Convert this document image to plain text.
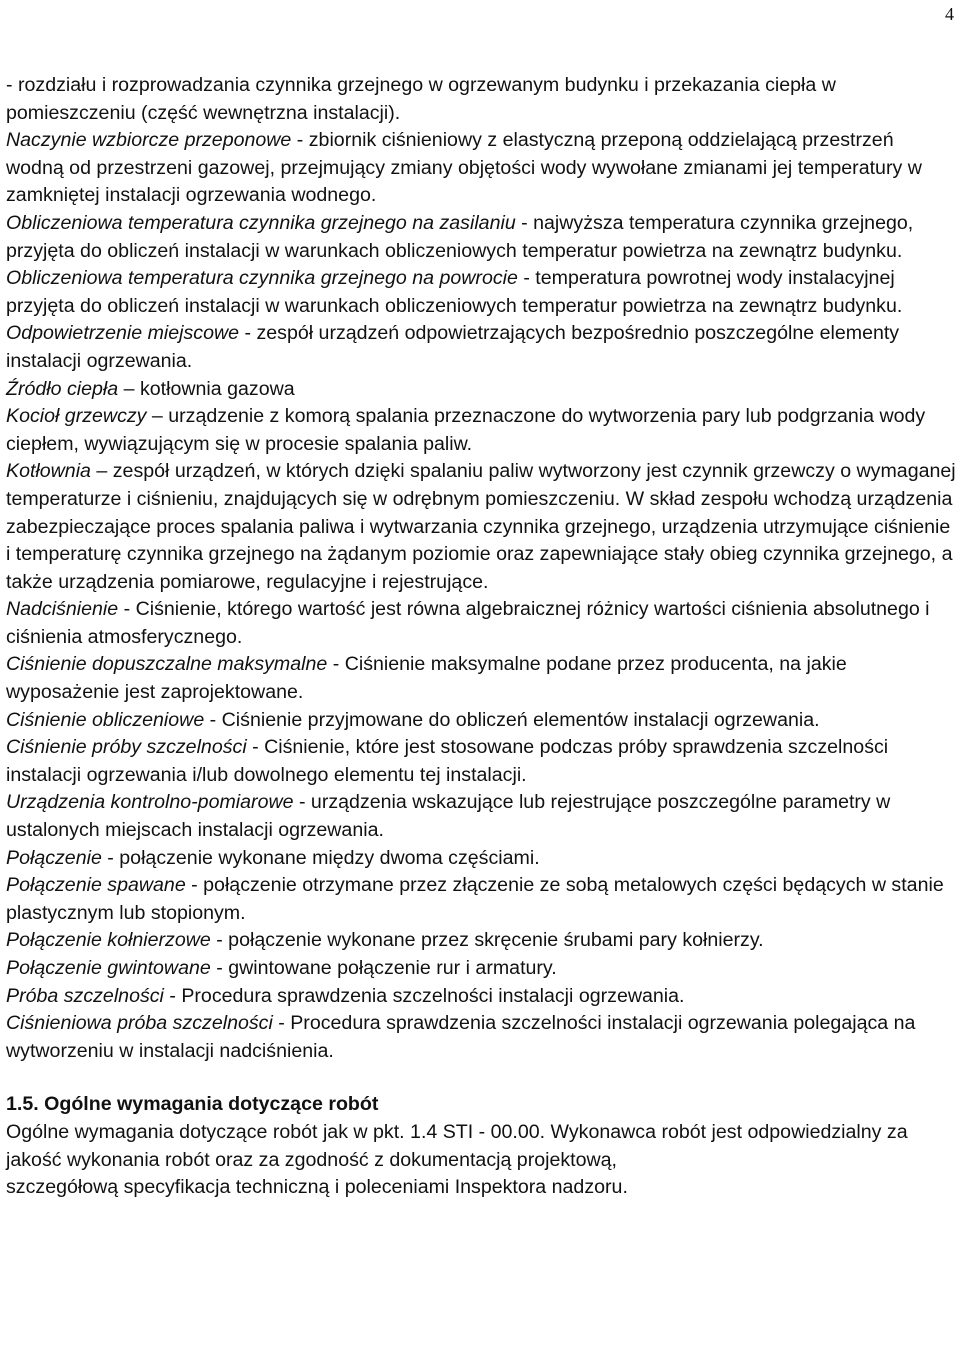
4

- rozdziału i rozprowadzania czynnika grzejnego w ogrzewanym budynku i przekazania ciepła w pomieszczeniu (część wewnętrzna instalacji).

Naczynie wzbiorcze przeponowe - zbiornik ciśnieniowy z elastyczną przeponą oddzielającą przestrzeń wodną od przestrzeni gazowej, przejmujący zmiany objętości wody wywołane zmianami jej temperatury w zamkniętej instalacji ogrzewania wodnego.

Obliczeniowa temperatura czynnika grzejnego na zasilaniu - najwyższa temperatura czynnika grzejnego, przyjęta do obliczeń instalacji w warunkach obliczeniowych temperatur powietrza na zewnątrz budynku.

Obliczeniowa temperatura czynnika grzejnego na powrocie - temperatura powrotnej wody instalacyjnej przyjęta do obliczeń instalacji w warunkach obliczeniowych temperatur powietrza na zewnątrz budynku.

Odpowietrzenie miejscowe - zespół urządzeń odpowietrzających bezpośrednio poszczególne elementy instalacji ogrzewania.

Źródło ciepła – kotłownia gazowa

Kocioł grzewczy – urządzenie z komorą spalania przeznaczone do wytworzenia pary lub podgrzania wody ciepłem, wywiązującym się w procesie spalania paliw.

Kotłownia – zespół urządzeń, w których dzięki spalaniu paliw wytworzony jest czynnik grzewczy o wymaganej temperaturze i ciśnieniu, znajdujących się w odrębnym pomieszczeniu. W skład zespołu wchodzą urządzenia zabezpieczające proces spalania paliwa i wytwarzania czynnika grzejnego, urządzenia utrzymujące ciśnienie i temperaturę czynnika grzejnego na żądanym poziomie oraz zapewniające stały obieg czynnika grzejnego, a także urządzenia pomiarowe, regulacyjne i rejestrujące.

Nadciśnienie - Ciśnienie, którego wartość jest równa algebraicznej różnicy wartości ciśnienia absolutnego i ciśnienia atmosferycznego.

Ciśnienie dopuszczalne maksymalne - Ciśnienie maksymalne podane przez producenta, na jakie wyposażenie jest zaprojektowane.

Ciśnienie obliczeniowe - Ciśnienie przyjmowane do obliczeń elementów instalacji ogrzewania.

Ciśnienie próby szczelności - Ciśnienie, które jest stosowane podczas próby sprawdzenia szczelności instalacji ogrzewania i/lub dowolnego elementu tej instalacji.

Urządzenia kontrolno-pomiarowe - urządzenia wskazujące lub rejestrujące poszczególne parametry w ustalonych miejscach instalacji ogrzewania.

Połączenie - połączenie wykonane między dwoma częściami.

Połączenie spawane - połączenie otrzymane przez złączenie ze sobą metalowych części będących w stanie plastycznym lub stopionym.

Połączenie kołnierzowe - połączenie wykonane przez skręcenie śrubami pary kołnierzy.

Połączenie gwintowane - gwintowane połączenie rur i armatury.

Próba szczelności - Procedura sprawdzenia szczelności instalacji ogrzewania.

Ciśnieniowa próba szczelności - Procedura sprawdzenia szczelności instalacji ogrzewania polegająca na wytworzeniu w instalacji nadciśnienia.

1.5. Ogólne wymagania dotyczące robót

Ogólne wymagania dotyczące robót jak w pkt. 1.4 STI - 00.00. Wykonawca robót jest odpowiedzialny za jakość wykonania robót oraz za zgodność z dokumentacją projektową,

szczegółową specyfikacja techniczną i poleceniami Inspektora nadzoru.
